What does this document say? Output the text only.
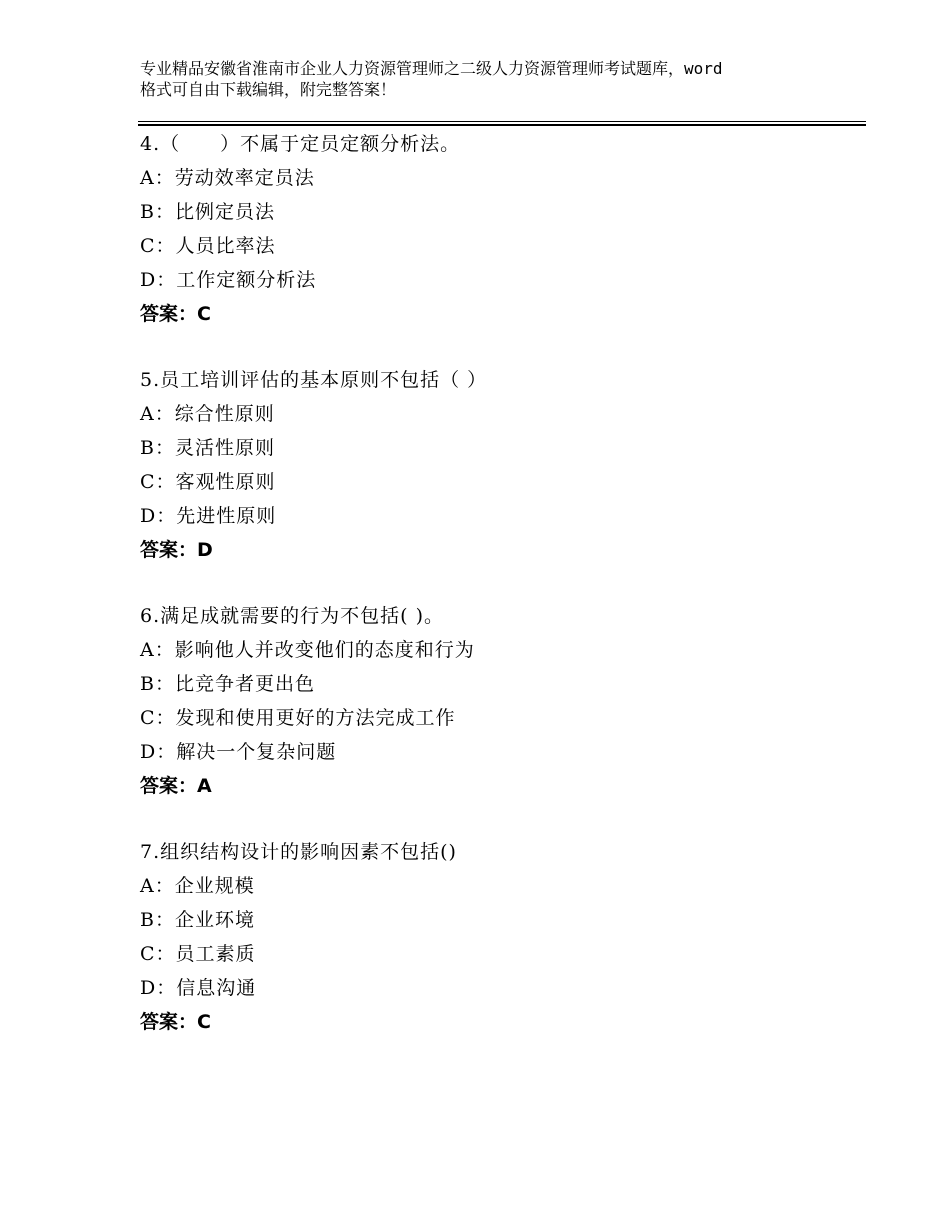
专业精品安徽省淮南市企业人力资源管理师之二级人力资源管理师考试题库，word

格式可自由下载编辑，附完整答案！

4.（　　）不属于定员定额分析法。
A：劳动效率定员法
B：比例定员法
C：人员比率法
D：工作定额分析法
答案：C
5.员工培训评估的基本原则不包括（ ）
A：综合性原则
B：灵活性原则
C：客观性原则
D：先进性原则
答案：D
6.满足成就需要的行为不包括( )。
A：影响他人并改变他们的态度和行为
B：比竞争者更出色
C：发现和使用更好的方法完成工作
D：解决一个复杂问题
答案：A
7.组织结构设计的影响因素不包括()
A：企业规模
B：企业环境
C：员工素质
D：信息沟通
答案：C
